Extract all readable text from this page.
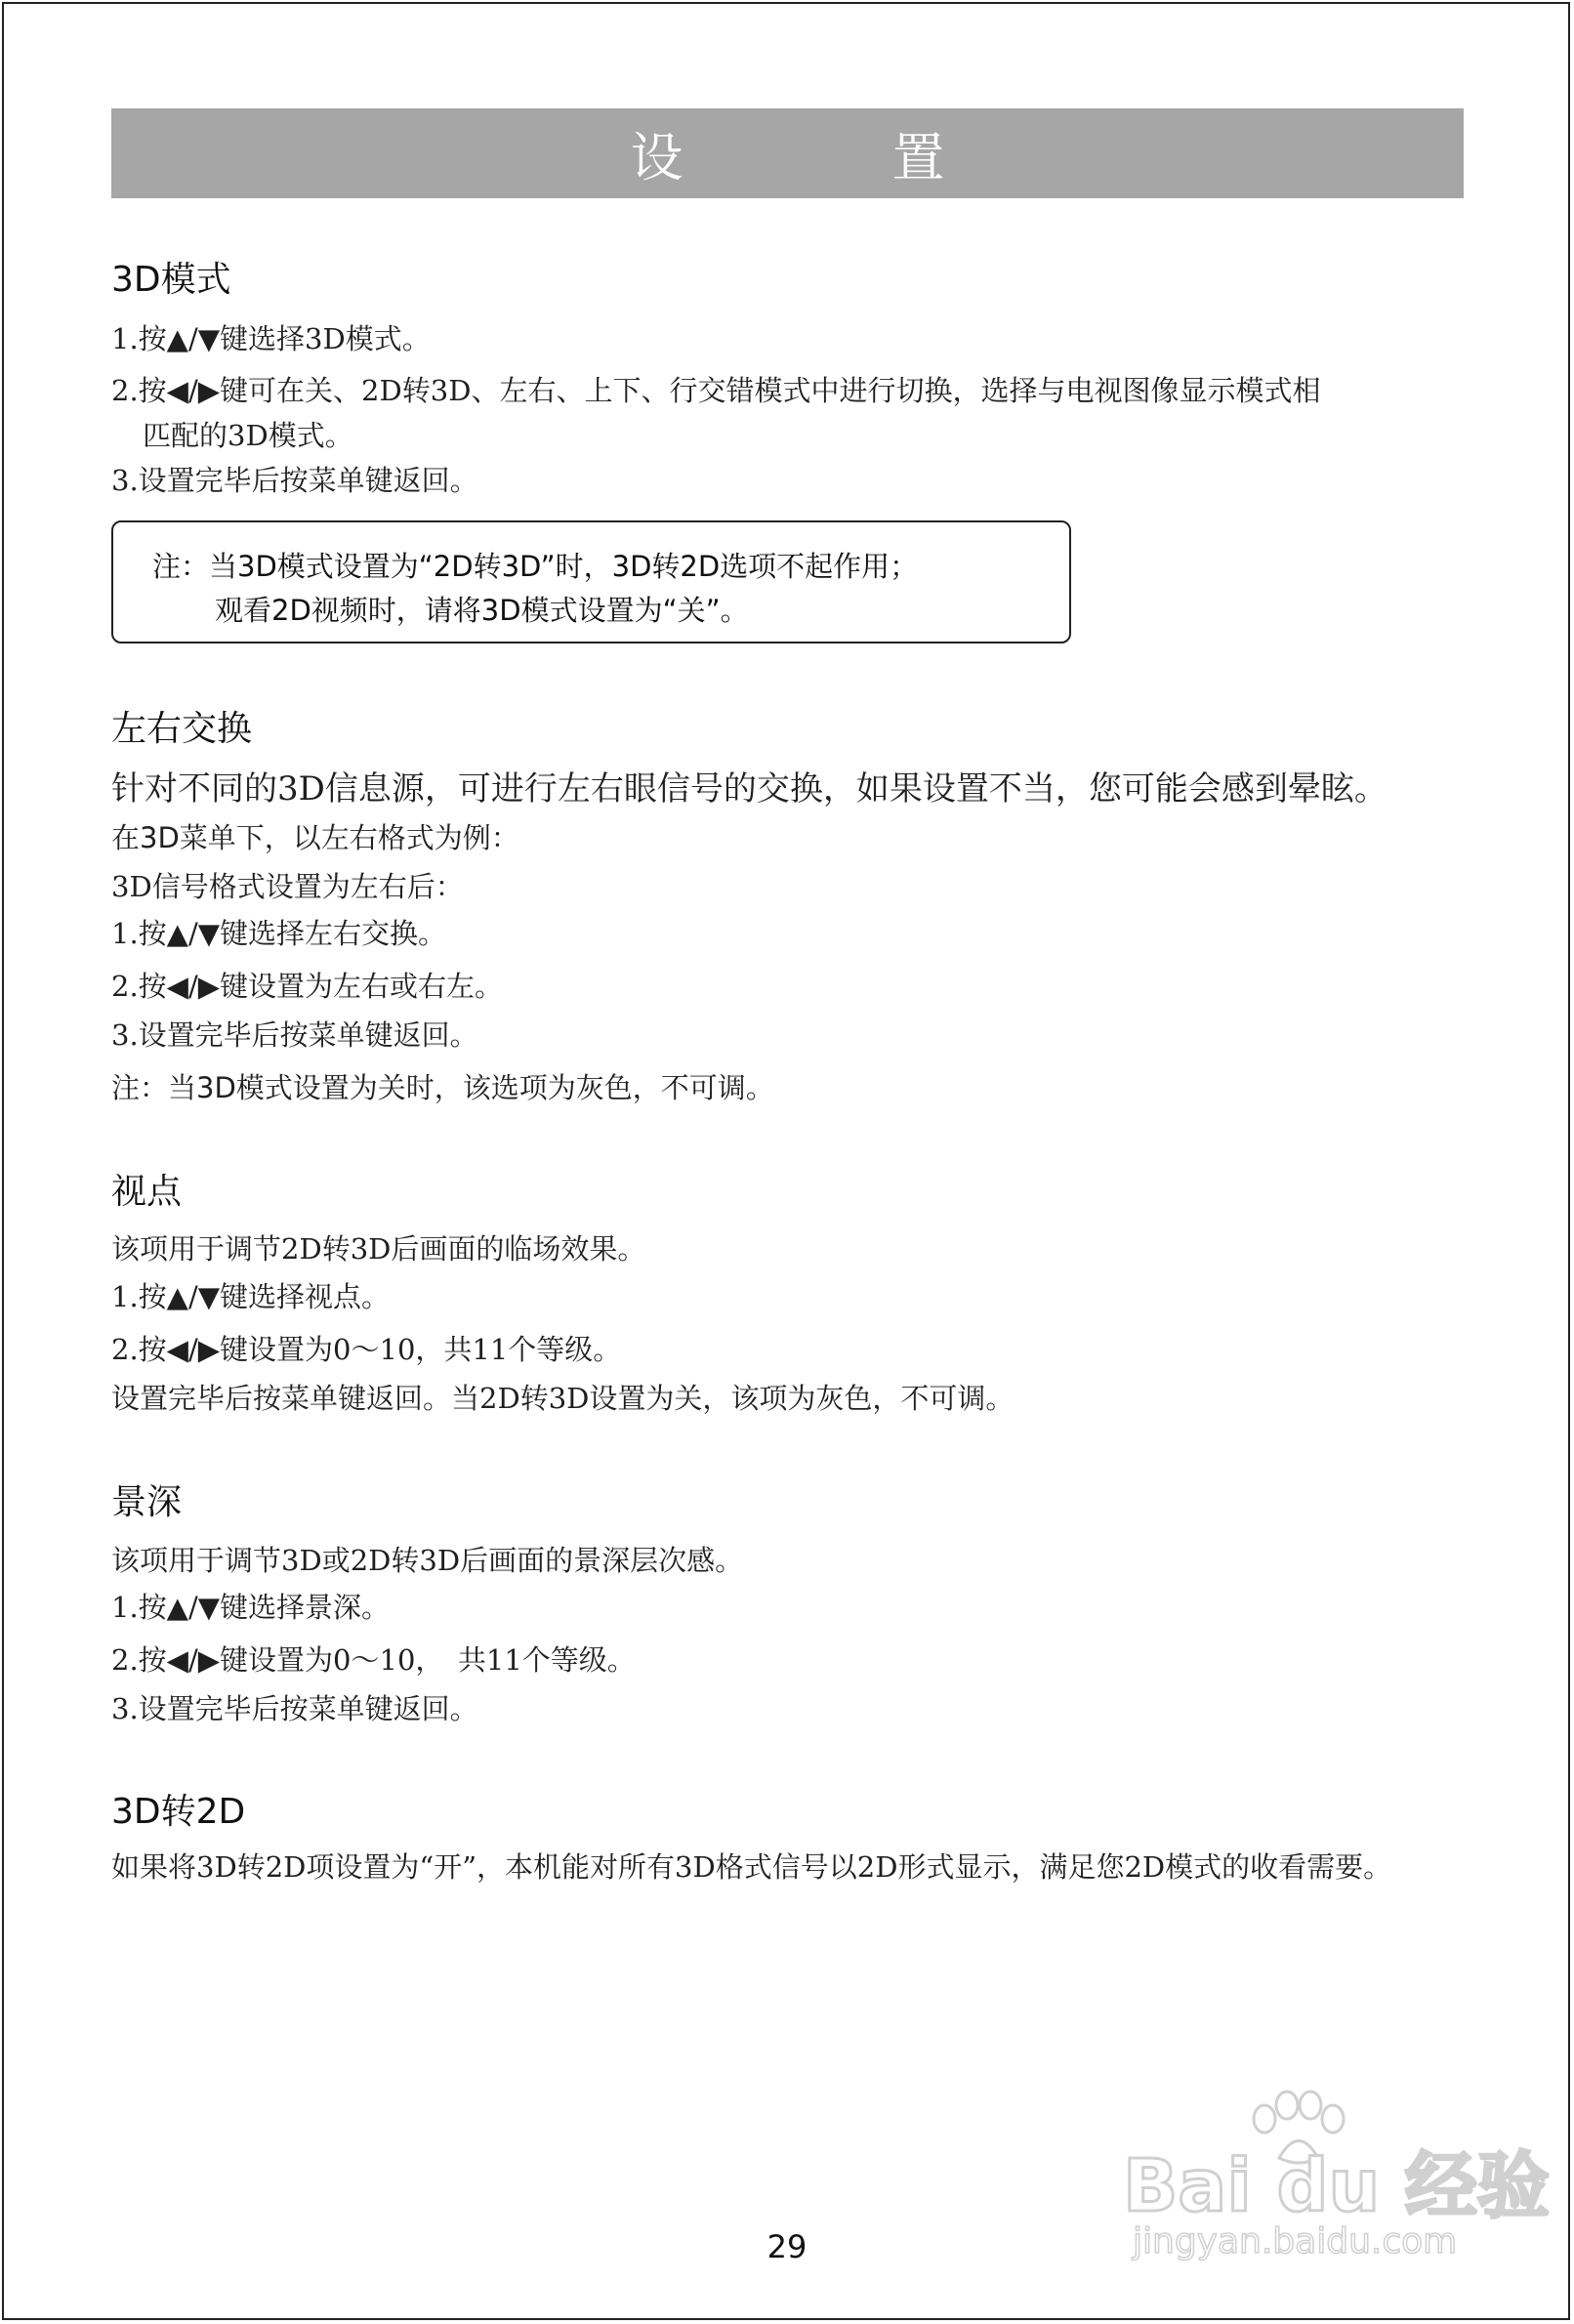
设　置
3D模式
1.按▲/▼键选择3D模式。
2.按◀/▶键可在关、2D转3D、左右、上下、行交错模式中进行切换，选择与电视图像显示模式相
匹配的3D模式。
3.设置完毕后按菜单键返回。
注：当3D模式设置为“2D转3D”时，3D转2D选项不起作用；
观看2D视频时，请将3D模式设置为“关”。
左右交换
针对不同的3D信息源，可进行左右眼信号的交换，如果设置不当，您可能会感到晕眩。
在3D菜单下，以左右格式为例：
3D信号格式设置为左右后：
1.按▲/▼键选择左右交换。
2.按◀/▶键设置为左右或右左。
3.设置完毕后按菜单键返回。
注：当3D模式设置为关时，该选项为灰色，不可调。
视点
该项用于调节2D转3D后画面的临场效果。
1.按▲/▼键选择视点。
2.按◀/▶键设置为0～10，共11个等级。
设置完毕后按菜单键返回。当2D转3D设置为关，该项为灰色，不可调。
景深
该项用于调节3D或2D转3D后画面的景深层次感。
1.按▲/▼键选择景深。
2.按◀/▶键设置为0～10，　共11个等级。
3.设置完毕后按菜单键返回。
3D转2D
如果将3D转2D项设置为“开”，本机能对所有3D格式信号以2D形式显示，满足您2D模式的收看需要。
29
Bai du 经验
jingyan.baidu.com
